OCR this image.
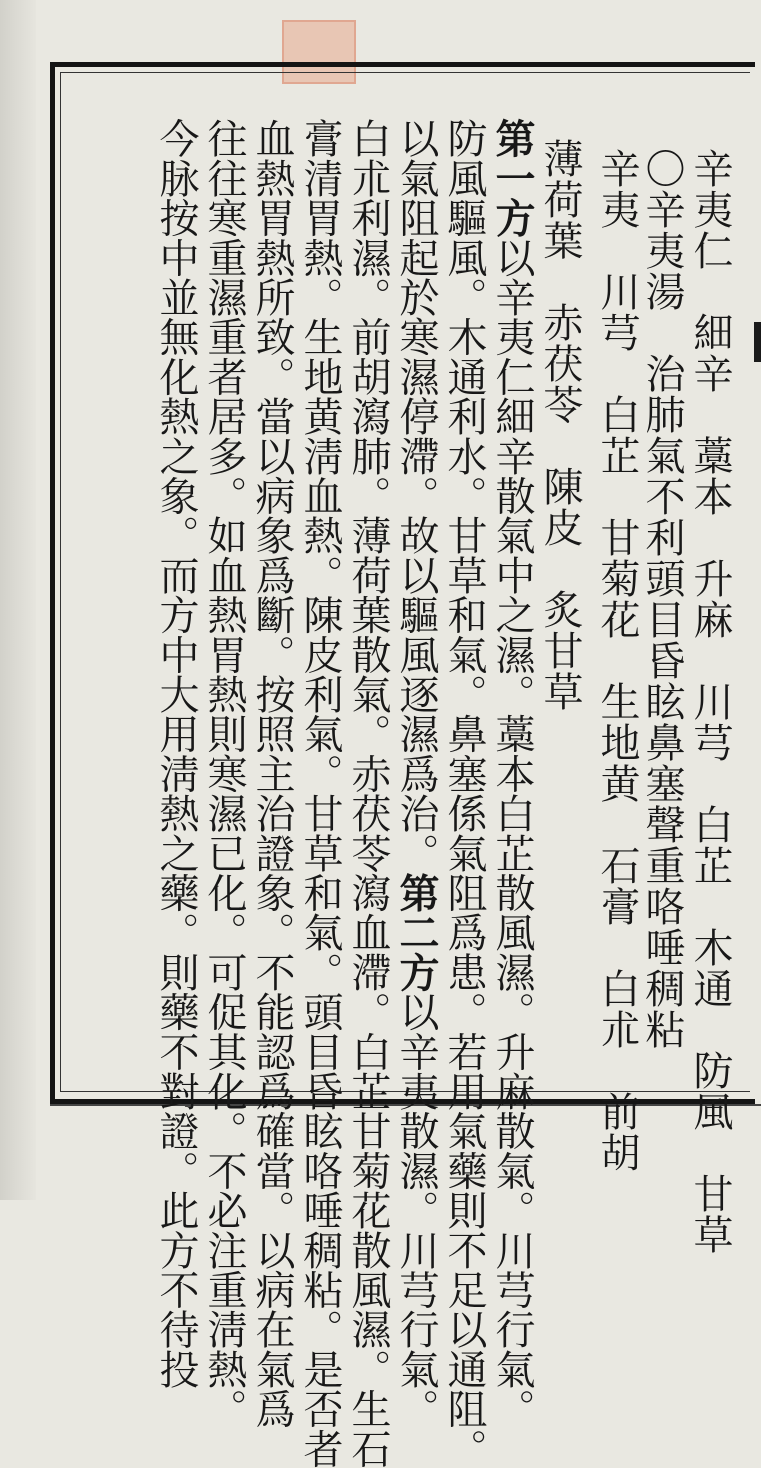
辛夷仁　細辛　藁本　升麻　川芎　白芷　木通　防風　甘草
〇辛夷湯　治肺氣不利頭目昏眩鼻塞聲重咯唾稠粘
辛夷　川芎　白芷　甘菊花　生地黄　石膏　白朮　前胡
薄荷葉　赤茯苓　陳皮　炙甘草
第一方以辛夷仁細辛散氣中之濕。藁本白芷散風濕。升麻散氣。川芎行氣。
防風驅風。木通利水。甘草和氣。鼻塞係氣阻爲患。若用氣藥則不足以通阻。
以氣阻起於寒濕停滯。故以驅風逐濕爲治。第二方以辛夷散濕。川芎行氣。
白朮利濕。前胡瀉肺。薄荷葉散氣。赤茯苓瀉血滯。白芷甘菊花散風濕。生石
膏清胃熱。生地黄淸血熱。陳皮利氣。甘草和氣。頭目昏眩咯唾稠粘。是否者
血熱胃熱所致。當以病象爲斷。按照主治證象。不能認爲確當。以病在氣爲
往往寒重濕重者居多。如血熱胃熱則寒濕已化。可促其化。不必注重淸熱。
今脉按中並無化熱之象。而方中大用淸熱之藥。則藥不對證。此方不待投
